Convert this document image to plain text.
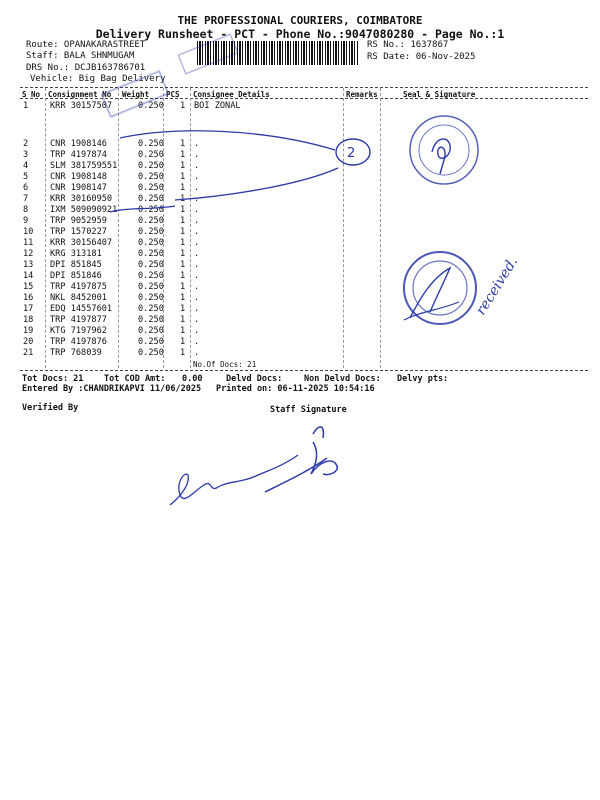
THE PROFESSIONAL COURIERS, COIMBATORE
Delivery Runsheet - PCT - Phone No.:9047080280 - Page No.:1
Route: OPANAKARASTREET
Staff: BALA SHNMUGAM
DRS No.: DCJB163786701
Vehicle: Big Bag Delivery
RS No.: 1637867
RS Date: 06-Nov-2025
S No Consignment No Weight PCS Consignee Details	Remarks	Seal & Signature
1	KRR 30157507	0.250 1 BOI ZONAL
2	CNR 1908146	0.250 1 .
3	TRP 4197874	0.250 1 .
4	SLM 381759551 0.250 1 .
5	CNR 1908148	0.250 1 .
6	CNR 1908147	0.250 1 .
7	KRR 30160950	0.250 1 .
8	IXM 509090921 0.250 1 .
9	TRP 9052959	0.250 1 .
10 TRP 1570227	0.250 1 .
11 KRR 30156407	0.250 1 .
12 KRG 313181	0.250 1 .
13 DPI 851845	0.250 1 .
14 DPI 851846	0.250 1 .
15 TRP 4197875	0.250 1 .
16 NKL 8452001	0.250 1 .
17 EDQ 14557601	0.250 1 .
18 TRP 4197877	0.250 1 .
19 KTG 7197962	0.250 1 .
20 TRP 4197876	0.250 1 .
21 TRP 768039	0.250 1 .
No.Of Docs: 21
Tot Docs: 21 Tot COD Amt: 0.00	Delvd Docs:	Non Delvd Docs: Delvy pts:
Entered By :CHANDRIKAPVI 11/06/2025 Printed on: 06-11-2025 10:54:16
Verified By	Staff Signature
2
received.
